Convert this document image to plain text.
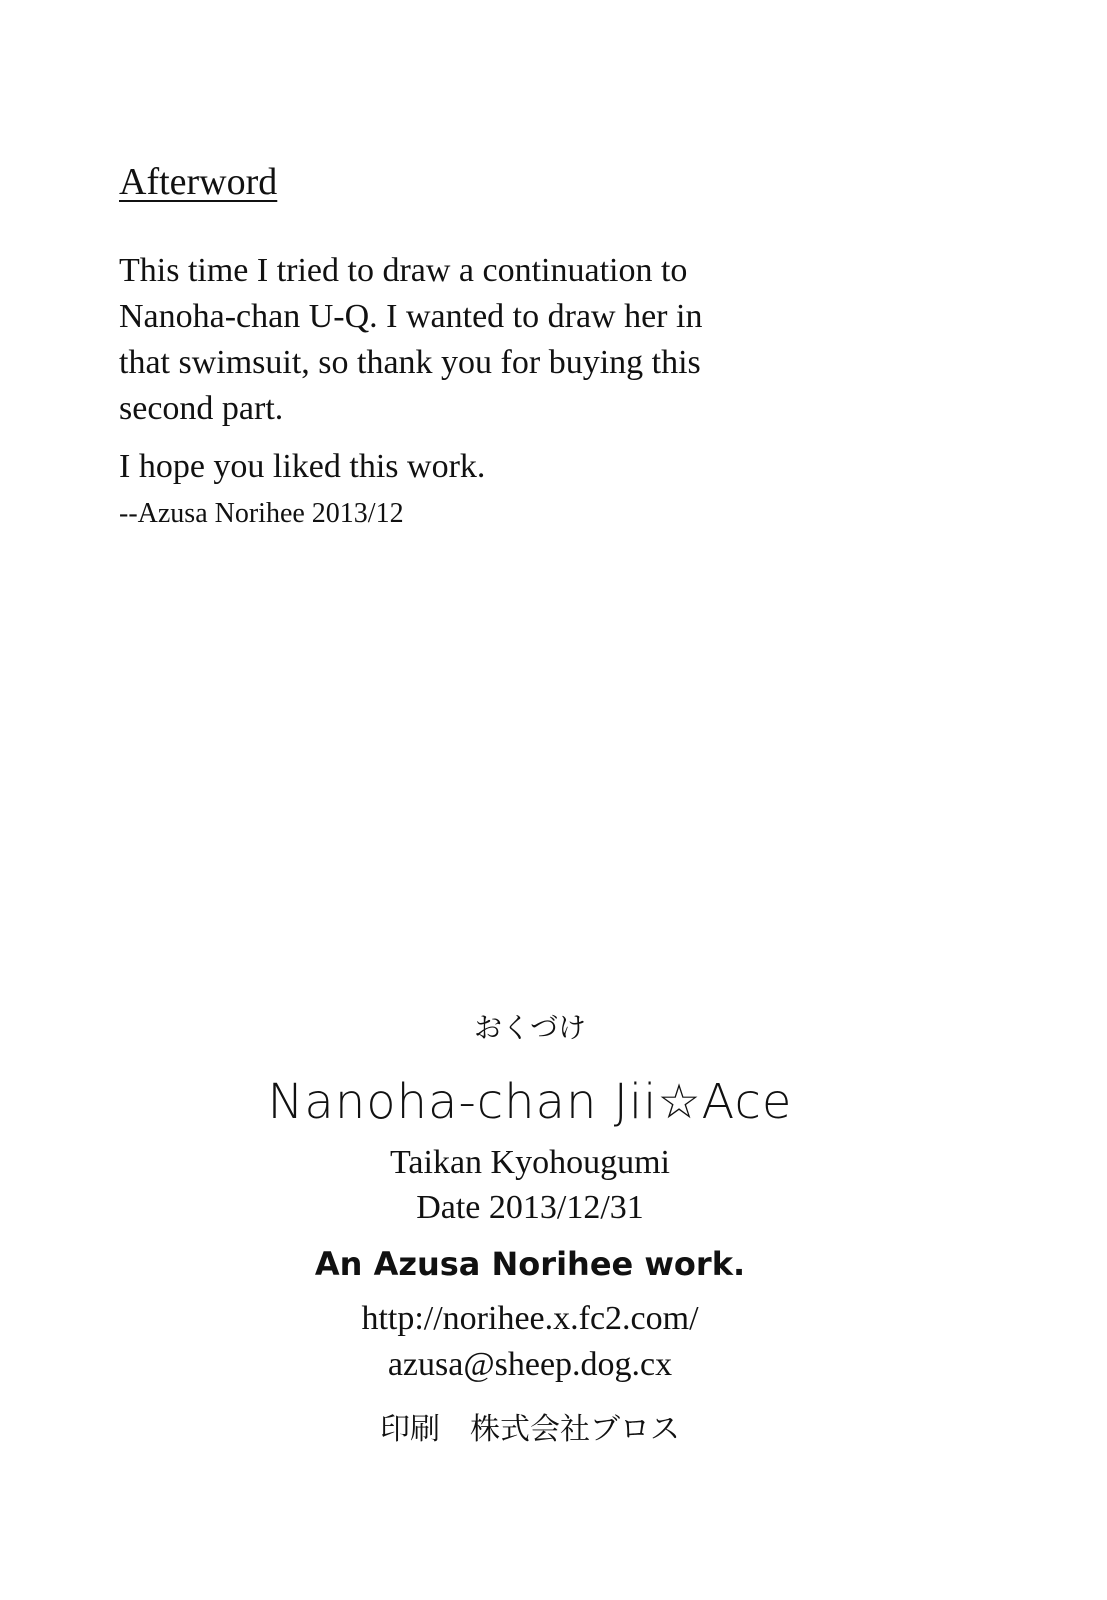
Afterword
This time I tried to draw a continuation to
Nanoha-chan U-Q. I wanted to draw her in
that swimsuit, so thank you for buying this
second part.

I hope you liked this work.

--Azusa Norihee 2013/12

おくづけ

Nanoha-chan Jii☆Ace

Taikan Kyohougumi

Date 2013/12/31

An Azusa Norihee work.

http://norihee.x.fc2.com/

azusa@sheep.dog.cx

印刷　株式会社ブロス
